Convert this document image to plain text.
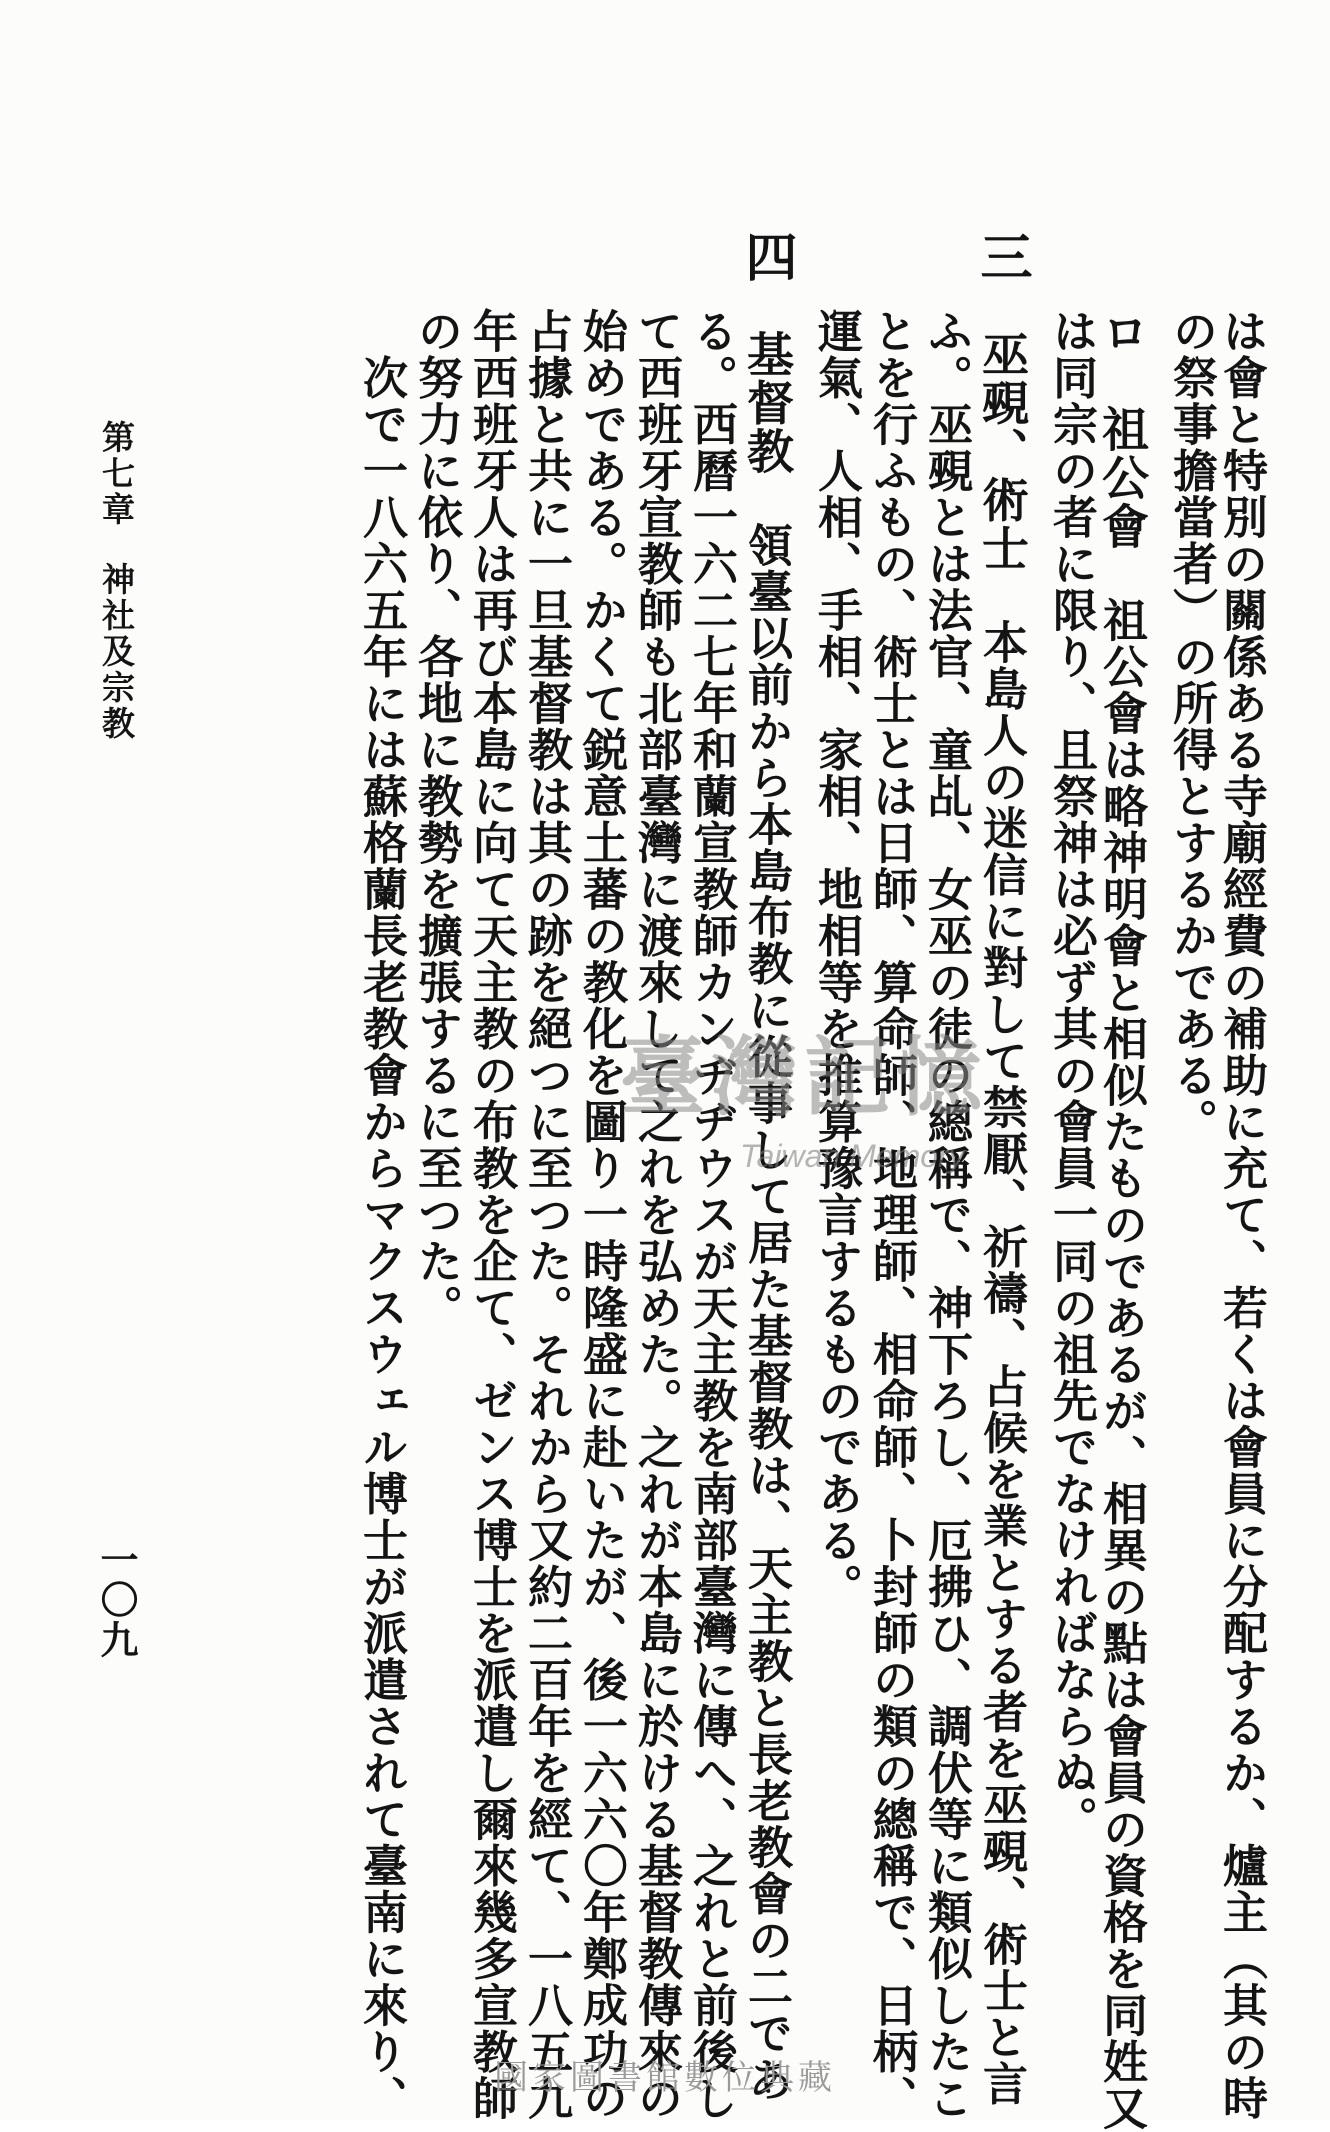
は會と特別の關係ある寺廟經費の補助に充て、若くは會員に分配するか、爐主（其の時
の祭事擔當者）の所得とするかである。
ロ　祖公會　祖公會は略神明會と相似たものであるが、相異の點は會員の資格を同姓又
は同宗の者に限り、且祭神は必ず其の會員一同の祖先でなければならぬ。
三　巫覡、術士　本島人の迷信に對して禁厭、祈禱、占候を業とする者を巫覡、術士と言
ふ。巫覡とは法官、童乩、女巫の徒の總稱で、神下ろし、厄拂ひ、調伏等に類似したこ
とを行ふもの、術士とは日師、算命師、地理師、相命師、卜封師の類の總稱で、日柄、
運氣、人相、手相、家相、地相等を推算豫言するものである。
四　基督教　領臺以前から本島布教に從事して居た基督教は、天主教と長老教會の二であ
る。西曆一六二七年和蘭宣教師カンヂヂウスが天主教を南部臺灣に傳へ、之れと前後し
て西班牙宣教師も北部臺灣に渡來して之れを弘めた。之れが本島に於ける基督教傳來の
始めである。かくて鋭意土蕃の教化を圖り一時隆盛に赴いたが、後一六六〇年鄭成功の
占據と共に一旦基督教は其の跡を絕つに至つた。それから又約二百年を經て、一八五九
年西班牙人は再び本島に向て天主教の布教を企て、ゼンス博士を派遣し爾來幾多宣教師
の努力に依り、各地に教勢を擴張するに至つた。
　次で一八六五年には蘇格蘭長老教會からマクスウェル博士が派遣されて臺南に來り、
第七章神社及宗教
一〇九
臺灣記憶
Taiwan Memory
國家圖書館數位典藏
